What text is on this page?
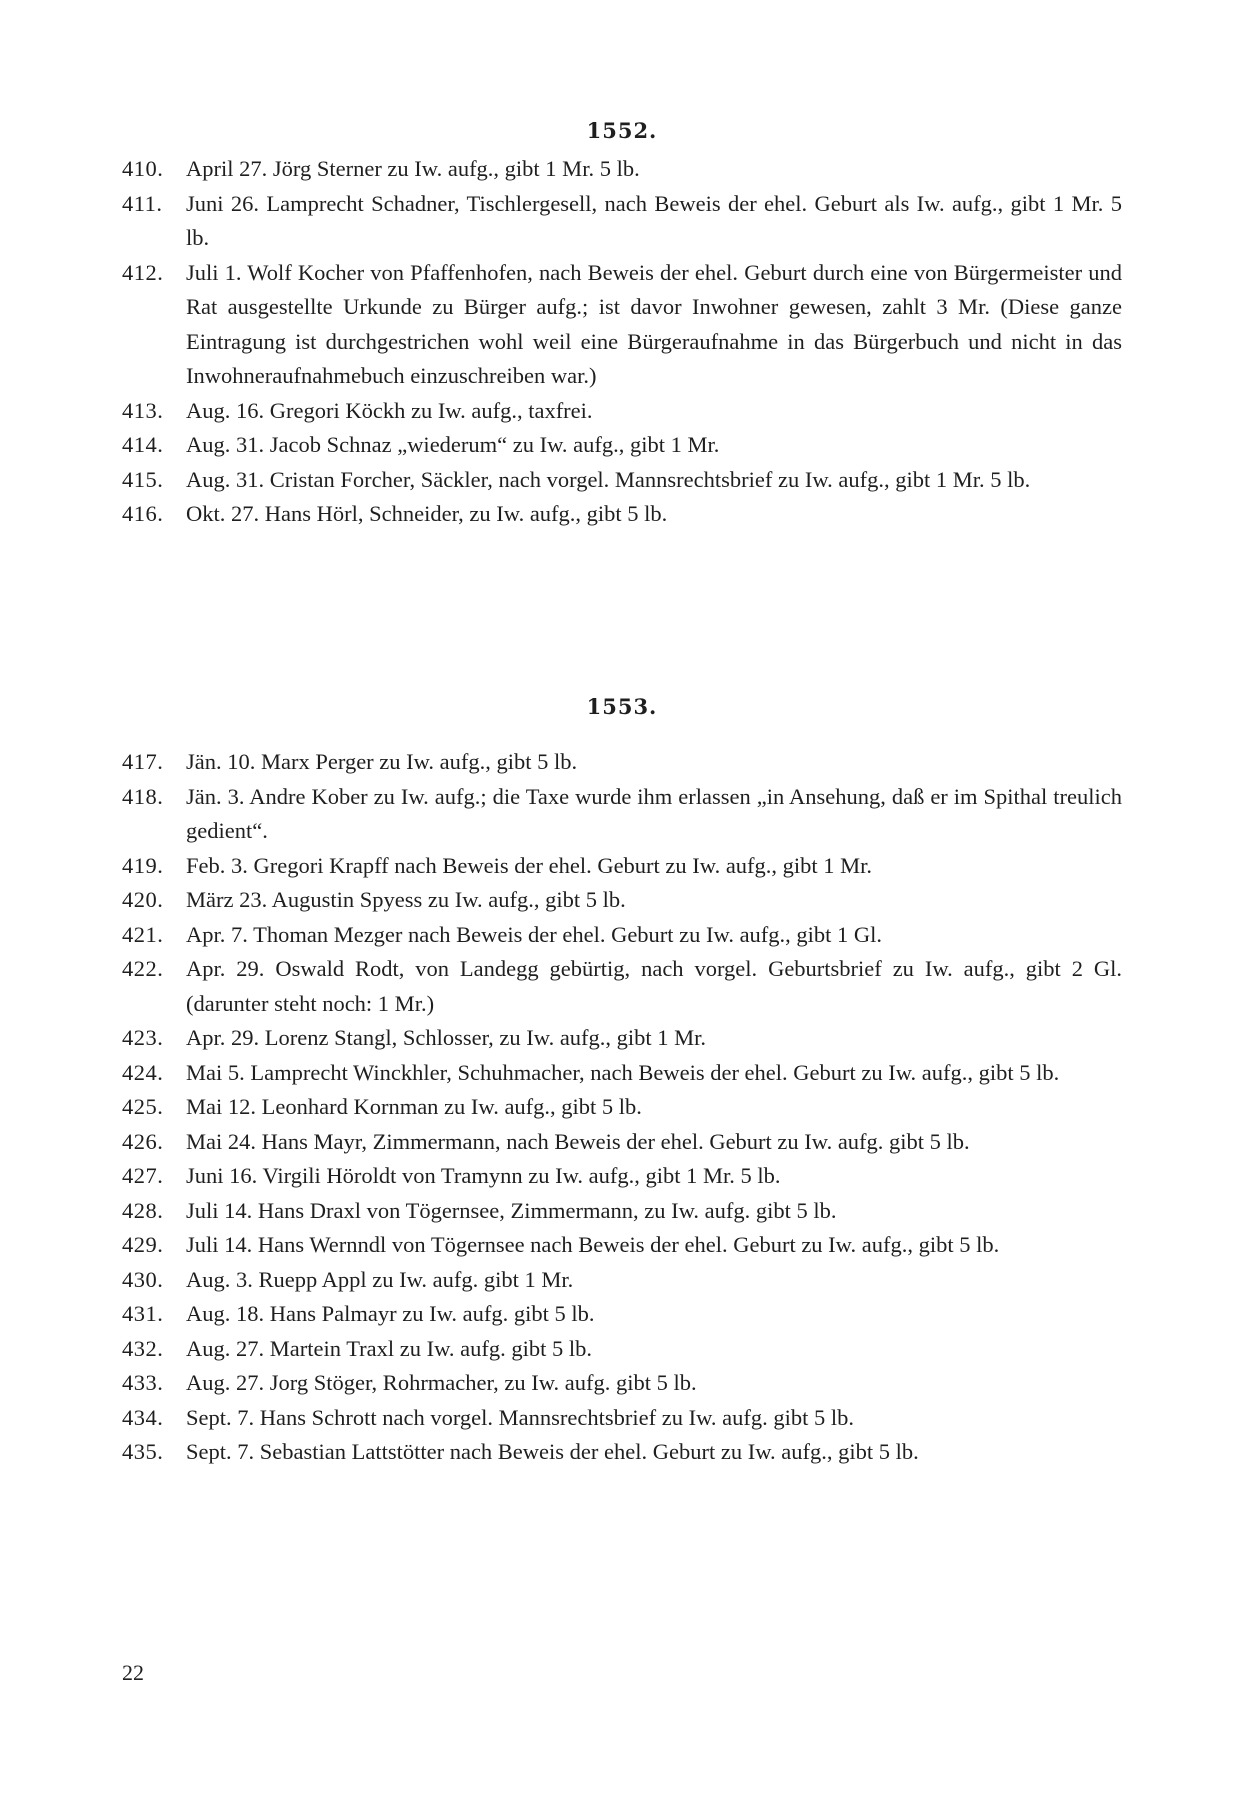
1552.
410.	April 27. Jörg Sterner zu Iw. aufg., gibt 1 Mr. 5 lb.
411.	Juni 26. Lamprecht Schadner, Tischlergesell, nach Beweis der ehel. Geburt als Iw. aufg., gibt 1 Mr. 5 lb.
412.	Juli 1. Wolf Kocher von Pfaffenhofen, nach Beweis der ehel. Geburt durch eine von Bürgermeister und Rat ausgestellte Urkunde zu Bürger aufg.; ist davor Inwohner gewesen, zahlt 3 Mr. (Diese ganze Eintragung ist durchgestrichen wohl weil eine Bürgeraufnahme in das Bürgerbuch und nicht in das Inwohneraufnahmebuch einzuschreiben war.)
413.	Aug. 16. Gregori Köckh zu Iw. aufg., taxfrei.
414.	Aug. 31. Jacob Schnaz „wiederum“ zu Iw. aufg., gibt 1 Mr.
415.	Aug. 31. Cristan Forcher, Säckler, nach vorgel. Mannsrechtsbrief zu Iw. aufg., gibt 1 Mr. 5 lb.
416.	Okt. 27. Hans Hörl, Schneider, zu Iw. aufg., gibt 5 lb.
1553.
417.	Jän. 10. Marx Perger zu Iw. aufg., gibt 5 lb.
418.	Jän. 3. Andre Kober zu Iw. aufg.; die Taxe wurde ihm erlassen „in Ansehung, daß er im Spithal treulich gedient“.
419.	Feb. 3. Gregori Krapff nach Beweis der ehel. Geburt zu Iw. aufg., gibt 1 Mr.
420.	März 23. Augustin Spyess zu Iw. aufg., gibt 5 lb.
421.	Apr. 7. Thoman Mezger nach Beweis der ehel. Geburt zu Iw. aufg., gibt 1 Gl.
422.	Apr. 29. Oswald Rodt, von Landegg gebürtig, nach vorgel. Geburtsbrief zu Iw. aufg., gibt 2 Gl. (darunter steht noch: 1 Mr.)
423.	Apr. 29. Lorenz Stangl, Schlosser, zu Iw. aufg., gibt 1 Mr.
424.	Mai 5. Lamprecht Winckhler, Schuhmacher, nach Beweis der ehel. Geburt zu Iw. aufg., gibt 5 lb.
425.	Mai 12. Leonhard Kornman zu Iw. aufg., gibt 5 lb.
426.	Mai 24. Hans Mayr, Zimmermann, nach Beweis der ehel. Geburt zu Iw. aufg. gibt 5 lb.
427.	Juni 16. Virgili Höroldt von Tramynn zu Iw. aufg., gibt 1 Mr. 5 lb.
428.	Juli 14. Hans Draxl von Tögernsee, Zimmermann, zu Iw. aufg. gibt 5 lb.
429.	Juli 14. Hans Wernndl von Tögernsee nach Beweis der ehel. Geburt zu Iw. aufg., gibt 5 lb.
430.	Aug. 3. Ruepp Appl zu Iw. aufg. gibt 1 Mr.
431.	Aug. 18. Hans Palmayr zu Iw. aufg. gibt 5 lb.
432.	Aug. 27. Martein Traxl zu Iw. aufg. gibt 5 lb.
433.	Aug. 27. Jorg Stöger, Rohrmacher, zu Iw. aufg. gibt 5 lb.
434.	Sept. 7. Hans Schrott nach vorgel. Mannsrechtsbrief zu Iw. aufg. gibt 5 lb.
435.	Sept. 7. Sebastian Lattstötter nach Beweis der ehel. Geburt zu Iw. aufg., gibt 5 lb.
22
